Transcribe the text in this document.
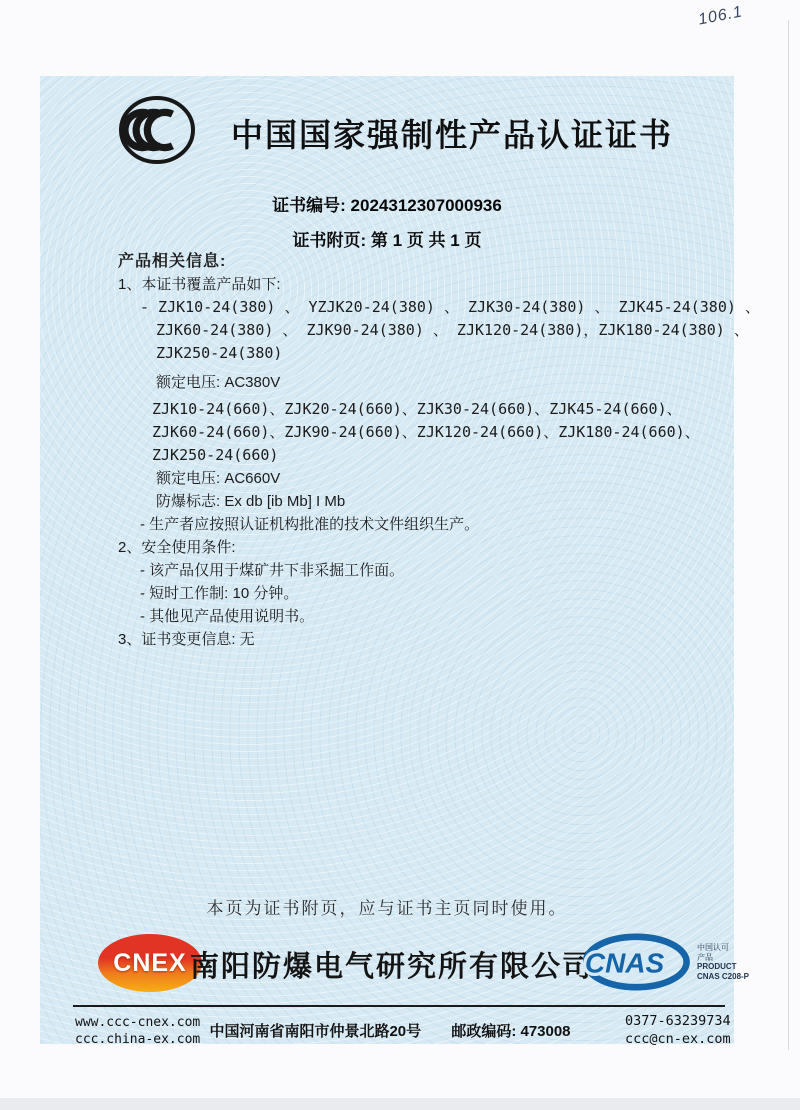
106.1
中国国家强制性产品认证证书
证书编号: 2024312307000936
证书附页: 第 1 页 共 1 页
产品相关信息:
1、本证书覆盖产品如下:
- ZJK10-24(380) 、 YZJK20-24(380) 、 ZJK30-24(380) 、 ZJK45-24(380) 、
ZJK60-24(380) 、 ZJK90-24(380) 、 ZJK120-24(380)，ZJK180-24(380) 、
ZJK250-24(380)
额定电压: AC380V
ZJK10-24(660)、ZJK20-24(660)、ZJK30-24(660)、ZJK45-24(660)、
ZJK60-24(660)、ZJK90-24(660)、ZJK120-24(660)、ZJK180-24(660)、
ZJK250-24(660)
额定电压: AC660V
防爆标志: Ex db [ib Mb] I Mb
- 生产者应按照认证机构批准的技术文件组织生产。
2、安全使用条件:
- 该产品仅用于煤矿井下非采掘工作面。
- 短时工作制: 10 分钟。
- 其他见产品使用说明书。
3、证书变更信息: 无
本页为证书附页，应与证书主页同时使用。
CNEX 南阳防爆电气研究所有限公司
CNAS	中国认可
产品
PRODUCT
CNAS C208-P
www.ccc-cnex.com
ccc.china-ex.com 中国河南省南阳市仲景北路20号 邮政编码: 473008
0377-63239734
ccc@cn-ex.com
